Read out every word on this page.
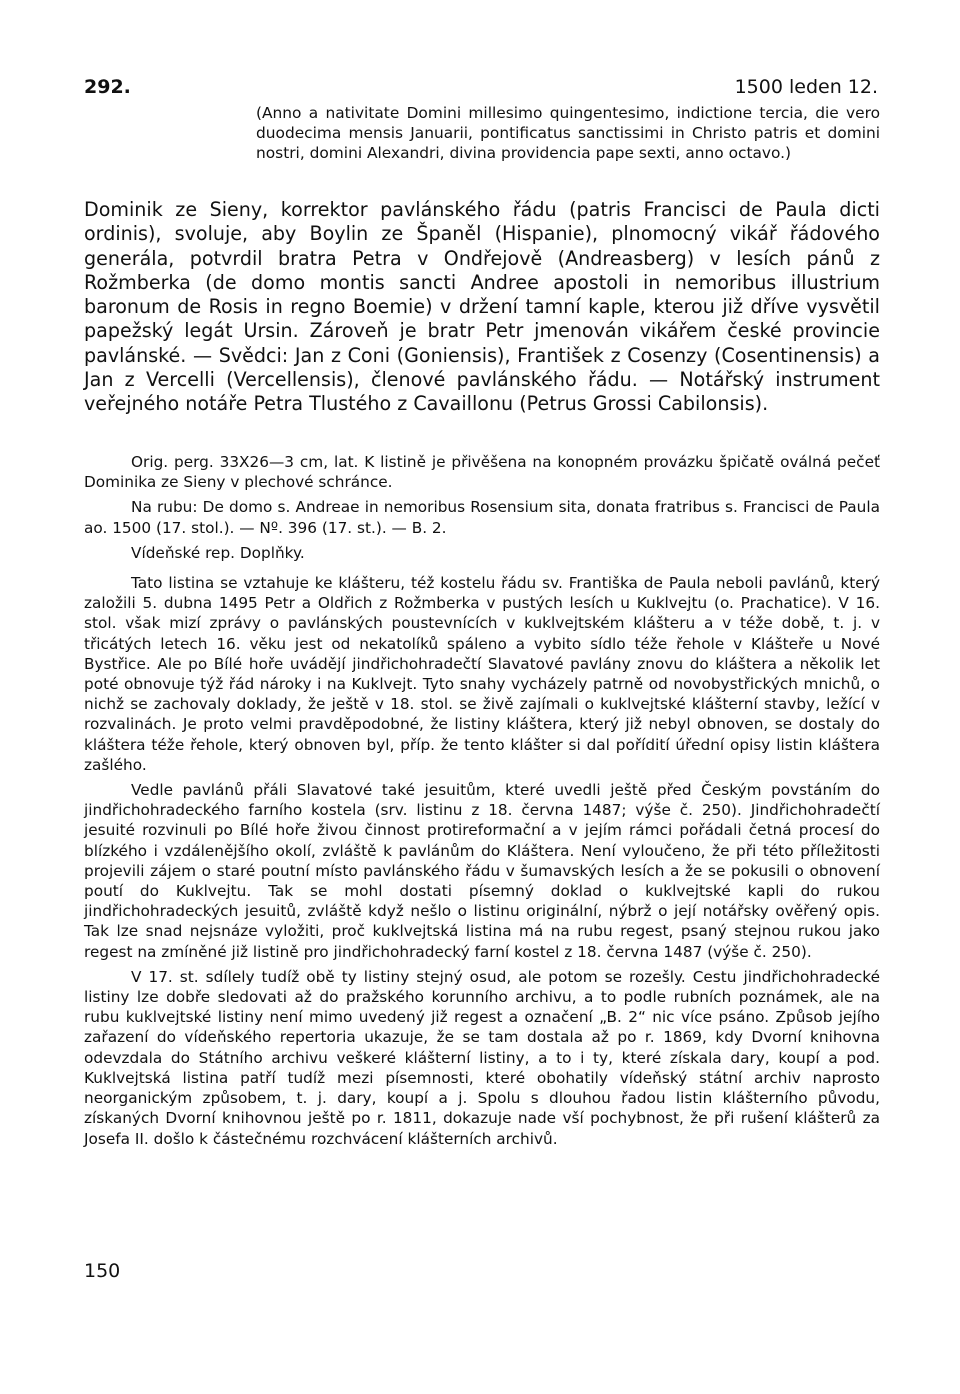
292.	1500 leden 12.
(Anno a nativitate Domini millesimo quingentesimo, indictione tercia, die vero duodecima mensis Januarii, pontificatus sanctissimi in Christo patris et domini nostri, domini Alexandri, divina providencia pape sexti, anno octavo.)
Dominik ze Sieny, korrektor pavlánského řádu (patris Francisci de Paula dicti ordinis), svoluje, aby Boylin ze Španěl (Hispanie), plnomocný vikář řádového generála, potvrdil bratra Petra v Ondřejově (Andreasberg) v lesích pánů z Rožmberka (de domo montis sancti Andree apostoli in nemoribus illustrium baronum de Rosis in regno Boemie) v držení tamní kaple, kterou již dříve vysvětil papežský legát Ursin. Zároveň je bratr Petr jmenován vikářem české provincie pavlánské. — Svědci: Jan z Coni (Goniensis), František z Cosenzy (Cosentinensis) a Jan z Vercelli (Vercellensis), členové pavlánského řádu. — Notářský instrument veřejného notáře Petra Tlustého z Cavaillonu (Petrus Grossi Cabilonsis).

Orig. perg. 33X26—3 cm, lat. K listině je přivěšena na konopném provázku špičatě oválná pečeť Dominika ze Sieny v plechové schránce.

Na rubu: De domo s. Andreae in nemoribus Rosensium sita, donata fratribus s. Francisci de Paula ao. 1500 (17. stol.). — Nº. 396 (17. st.). — B. 2.

Vídeňské rep. Doplňky.

Tato listina se vztahuje ke klášteru, též kostelu řádu sv. Františka de Paula neboli pavlánů, který založili 5. dubna 1495 Petr a Oldřich z Rožmberka v pustých lesích u Kuklvejtu (o. Prachatice). V 16. stol. však mizí zprávy o pavlánských poustevnících v kuklvejtském klášteru a v téže době, t. j. v třicátých letech 16. věku jest od nekatolíků spáleno a vybito sídlo téže řehole v Klášteře u Nové Bystřice. Ale po Bílé hoře uvádějí jindřichohradečtí Slavatové pavlány znovu do kláštera a několik let poté obnovuje týž řád nároky i na Kuklvejt. Tyto snahy vycházely patrně od novobystřických mnichů, o nichž se zachovaly doklady, že ještě v 18. stol. se živě zajímali o kuklvejtské klášterní stavby, ležící v rozvalinách. Je proto velmi pravděpodobné, že listiny kláštera, který již nebyl obnoven, se dostaly do kláštera téže řehole, který obnoven byl, příp. že tento klášter si dal pořídití úřední opisy listin kláštera zašlého.

Vedle pavlánů přáli Slavatové také jesuitům, které uvedli ještě před Českým povstáním do jindřichohradeckého farního kostela (srv. listinu z 18. června 1487; výše č. 250). Jindřichohradečtí jesuité rozvinuli po Bílé hoře živou činnost protireformační a v jejím rámci pořádali četná procesí do blízkého i vzdálenějšího okolí, zvláště k pavlánům do Kláštera. Není vyloučeno, že při této příležitosti projevili zájem o staré poutní místo pavlánského řádu v šumavských lesích a že se pokusili o obnovení poutí do Kuklvejtu. Tak se mohl dostati písemný doklad o kuklvejtské kapli do rukou jindřichohradeckých jesuitů, zvláště když nešlo o listinu originální, nýbrž o její notářsky ověřený opis. Tak lze snad nejsnáze vyložiti, proč kuklvejtská listina má na rubu regest, psaný stejnou rukou jako regest na zmíněné již listině pro jindřichohradecký farní kostel z 18. června 1487 (výše č. 250).

V 17. st. sdílely tudíž obě ty listiny stejný osud, ale potom se rozešly. Cestu jindřichohradecké listiny lze dobře sledovati až do pražského korunního archivu, a to podle rubních poznámek, ale na rubu kuklvejtské listiny není mimo uvedený již regest a označení „B. 2“ nic více psáno. Způsob jejího zařazení do vídeňského repertoria ukazuje, že se tam dostala až po r. 1869, kdy Dvorní knihovna odevzdala do Státního archivu veškeré klášterní listiny, a to i ty, které získala dary, koupí a pod. Kuklvejtská listina patří tudíž mezi písemnosti, které obohatily vídeňský státní archiv naprosto neorganickým způsobem, t. j. dary, koupí a j. Spolu s dlouhou řadou listin klášterního původu, získaných Dvorní knihovnou ještě po r. 1811, dokazuje nade vší pochybnost, že při rušení klášterů za Josefa II. došlo k částečnému rozchvácení klášterních archivů.

150
